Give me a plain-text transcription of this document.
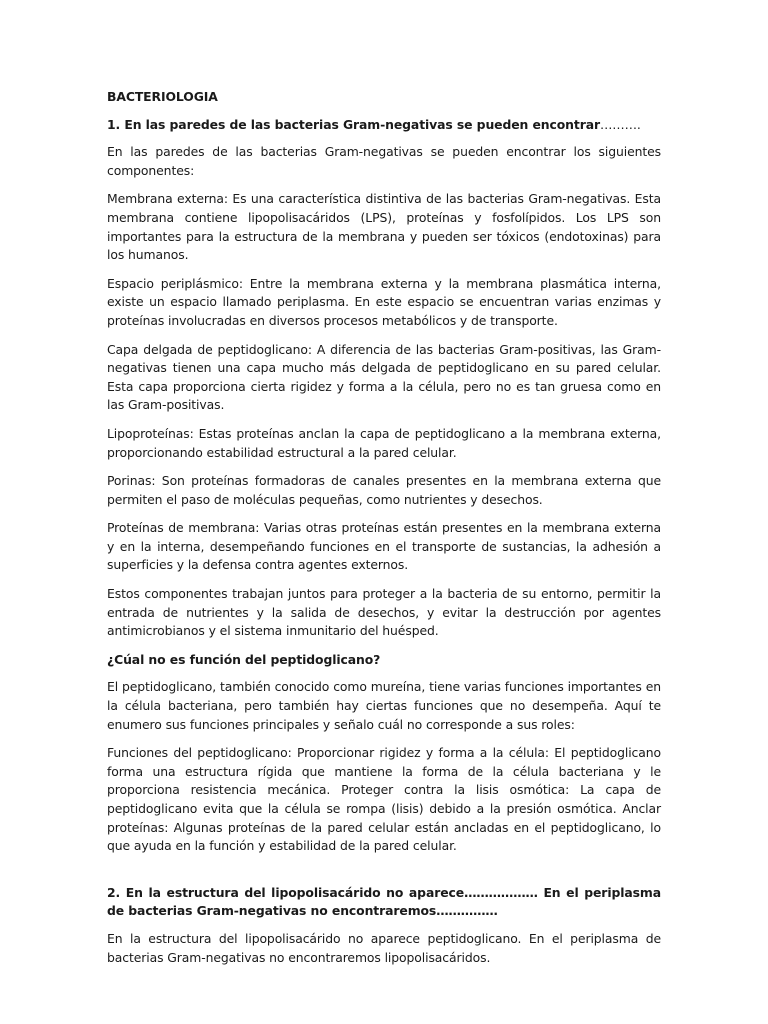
BACTERIOLOGIA

1. En las paredes de las bacterias Gram-negativas se pueden encontrar……….

En las paredes de las bacterias Gram-negativas se pueden encontrar los siguientes componentes:

Membrana externa: Es una característica distintiva de las bacterias Gram-negativas. Esta membrana contiene lipopolisacáridos (LPS), proteínas y fosfolípidos. Los LPS son importantes para la estructura de la membrana y pueden ser tóxicos (endotoxinas) para los humanos.

Espacio periplásmico: Entre la membrana externa y la membrana plasmática interna, existe un espacio llamado periplasma. En este espacio se encuentran varias enzimas y proteínas involucradas en diversos procesos metabólicos y de transporte.

Capa delgada de peptidoglicano: A diferencia de las bacterias Gram-positivas, las Gram-negativas tienen una capa mucho más delgada de peptidoglicano en su pared celular. Esta capa proporciona cierta rigidez y forma a la célula, pero no es tan gruesa como en las Gram-positivas.

Lipoproteínas: Estas proteínas anclan la capa de peptidoglicano a la membrana externa, proporcionando estabilidad estructural a la pared celular.

Porinas: Son proteínas formadoras de canales presentes en la membrana externa que permiten el paso de moléculas pequeñas, como nutrientes y desechos.

Proteínas de membrana: Varias otras proteínas están presentes en la membrana externa y en la interna, desempeñando funciones en el transporte de sustancias, la adhesión a superficies y la defensa contra agentes externos.

Estos componentes trabajan juntos para proteger a la bacteria de su entorno, permitir la entrada de nutrientes y la salida de desechos, y evitar la destrucción por agentes antimicrobianos y el sistema inmunitario del huésped.

¿Cúal no es función del peptidoglicano?

El peptidoglicano, también conocido como mureína, tiene varias funciones importantes en la célula bacteriana, pero también hay ciertas funciones que no desempeña. Aquí te enumero sus funciones principales y señalo cuál no corresponde a sus roles:

Funciones del peptidoglicano: Proporcionar rigidez y forma a la célula: El peptidoglicano forma una estructura rígida que mantiene la forma de la célula bacteriana y le proporciona resistencia mecánica. Proteger contra la lisis osmótica: La capa de peptidoglicano evita que la célula se rompa (lisis) debido a la presión osmótica. Anclar proteínas: Algunas proteínas de la pared celular están ancladas en el peptidoglicano, lo que ayuda en la función y estabilidad de la pared celular.

2. En la estructura del lipopolisacárido no aparece……………… En el periplasma de bacterias Gram-negativas no encontraremos……………

En la estructura del lipopolisacárido no aparece peptidoglicano. En el periplasma de bacterias Gram-negativas no encontraremos lipopolisacáridos.
